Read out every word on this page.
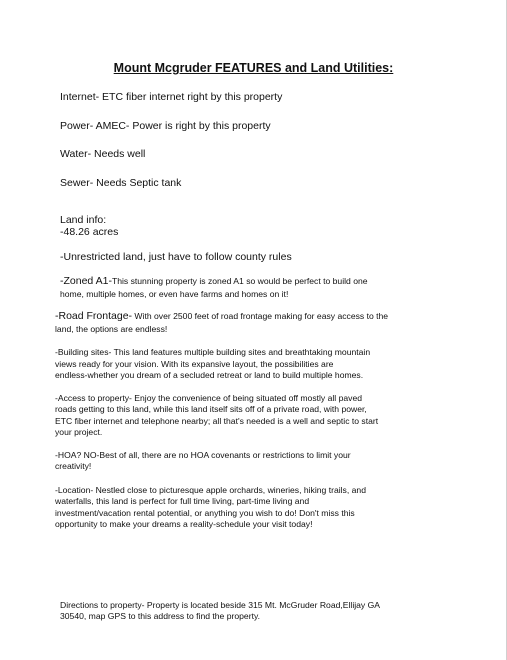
Mount Mcgruder FEATURES and Land Utilities:
Internet- ETC fiber internet right by this property
Power- AMEC- Power is right by this property
Water- Needs well
Sewer- Needs Septic tank
Land info:
-48.26 acres
-Unrestricted land, just have to follow county rules
-Zoned A1-This stunning property is zoned A1 so would be perfect to build one
home, multiple homes, or even have farms and homes on it!
-Road Frontage- With over 2500 feet of road frontage making for easy access to the
land, the options are endless!
-Building sites- This land features multiple building sites and breathtaking mountain
views ready for your vision. With its expansive layout, the possibilities are
endless-whether you dream of a secluded retreat or land to build multiple homes.
-Access to property- Enjoy the convenience of being situated off mostly all paved
roads getting to this land, while this land itself sits off of a private road, with power,
ETC fiber internet and telephone nearby; all that's needed is a well and septic to start
your project.
-HOA? NO-Best of all, there are no HOA covenants or restrictions to limit your
creativity!
-Location- Nestled close to picturesque apple orchards, wineries, hiking trails, and
waterfalls, this land is perfect for full time living, part-time living and
investment/vacation rental potential, or anything you wish to do! Don't miss this
opportunity to make your dreams a reality-schedule your visit today!
Directions to property- Property is located beside 315 Mt. McGruder Road,Ellijay GA
30540, map GPS to this address to find the property.
